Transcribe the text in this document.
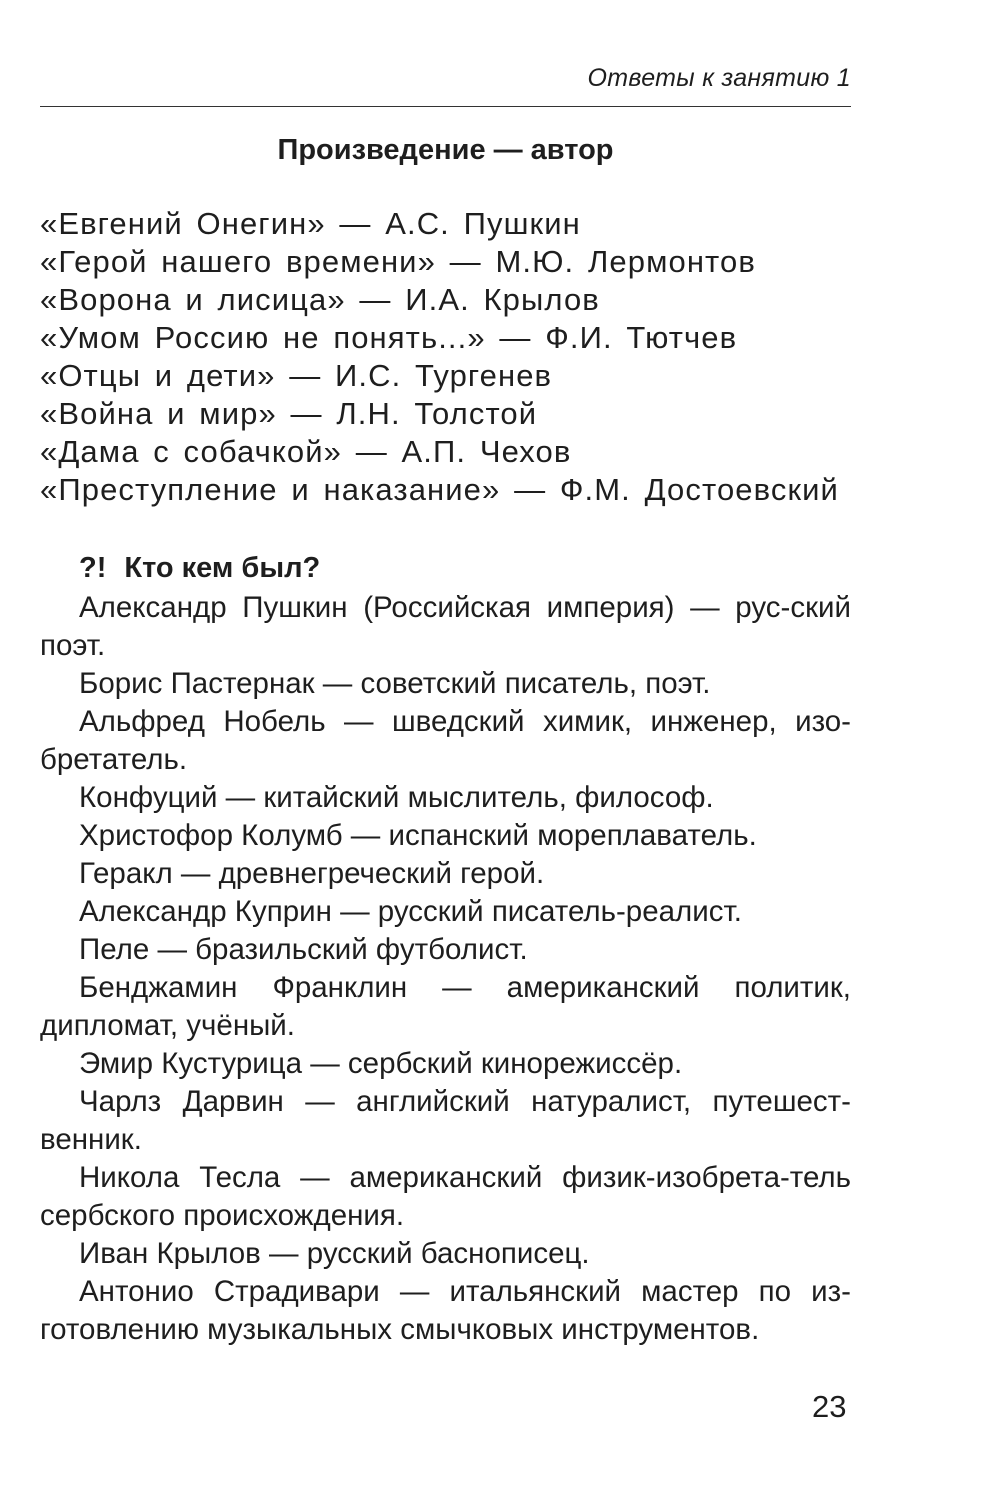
Ответы к занятию 1
Произведение — автор
«Евгений Онегин» — А.С. Пушкин
«Герой нашего времени» — М.Ю. Лермонтов
«Ворона и лисица» — И.А. Крылов
«Умом Россию не понять...» — Ф.И. Тютчев
«Отцы и дети» — И.С. Тургенев
«Война и мир» — Л.Н. Толстой
«Дама с собачкой» — А.П. Чехов
«Преступление и наказание» — Ф.М. Достоевский
?! Кто кем был?

Александр Пушкин (Российская империя) — рус-ский поэт.

Борис Пастернак — советский писатель, поэт.

Альфред Нобель — шведский химик, инженер, изо-бретатель.

Конфуций — китайский мыслитель, философ.

Христофор Колумб — испанский мореплаватель.

Геракл — древнегреческий герой.

Александр Куприн — русский писатель-реалист.

Пеле — бразильский футболист.

Бенджамин Франклин — американский политик, дипломат, учёный.

Эмир Кустурица — сербский кинорежиссёр.

Чарлз Дарвин — английский натуралист, путешест-венник.

Никола Тесла — американский физик-изобрета-тель сербского происхождения.

Иван Крылов — русский баснописец.

Антонио Страдивари — итальянский мастер по из-готовлению музыкальных смычковых инструментов.

23
